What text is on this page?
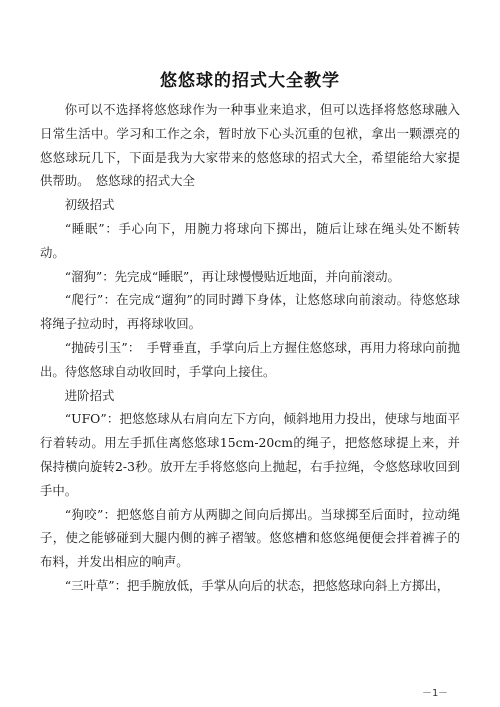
悠悠球的招式大全教学

你可以不选择将悠悠球作为一种事业来追求，但可以选择将悠悠球融入日常生活中。学习和工作之余，暂时放下心头沉重的包袱，拿出一颗漂亮的悠悠球玩几下，下面是我为大家带来的悠悠球的招式大全，希望能给大家提供帮助。　悠悠球的招式大全

初级招式

“睡眠”：手心向下，用腕力将球向下掷出，随后让球在绳头处不断转动。

“溜狗”：先完成“睡眠”，再让球慢慢贴近地面，并向前滚动。

“爬行”：在完成“遛狗”的同时蹲下身体，让悠悠球向前滚动。待悠悠球将绳子拉动时，再将球收回。

“抛砖引玉”：　手臂垂直，手掌向后上方握住悠悠球，再用力将球向前抛出。待悠悠球自动收回时，手掌向上接住。

进阶招式

“UFO”：把悠悠球从右肩向左下方向，倾斜地用力投出，使球与地面平行着转动。用左手抓住离悠悠球15cm-20cm的绳子，把悠悠球提上来，并保持横向旋转2-3秒。放开左手将悠悠向上抛起，右手拉绳，令悠悠球收回到手中。

“狗咬”：把悠悠自前方从两脚之间向后掷出。当球掷至后面时，拉动绳子，使之能够碰到大腿内侧的裤子褶皱。悠悠槽和悠悠绳便便会拌着裤子的布料，并发出相应的响声。

“三叶草”：把手腕放低，手掌从向后的状态，把悠悠球向斜上方掷出，

－1－
